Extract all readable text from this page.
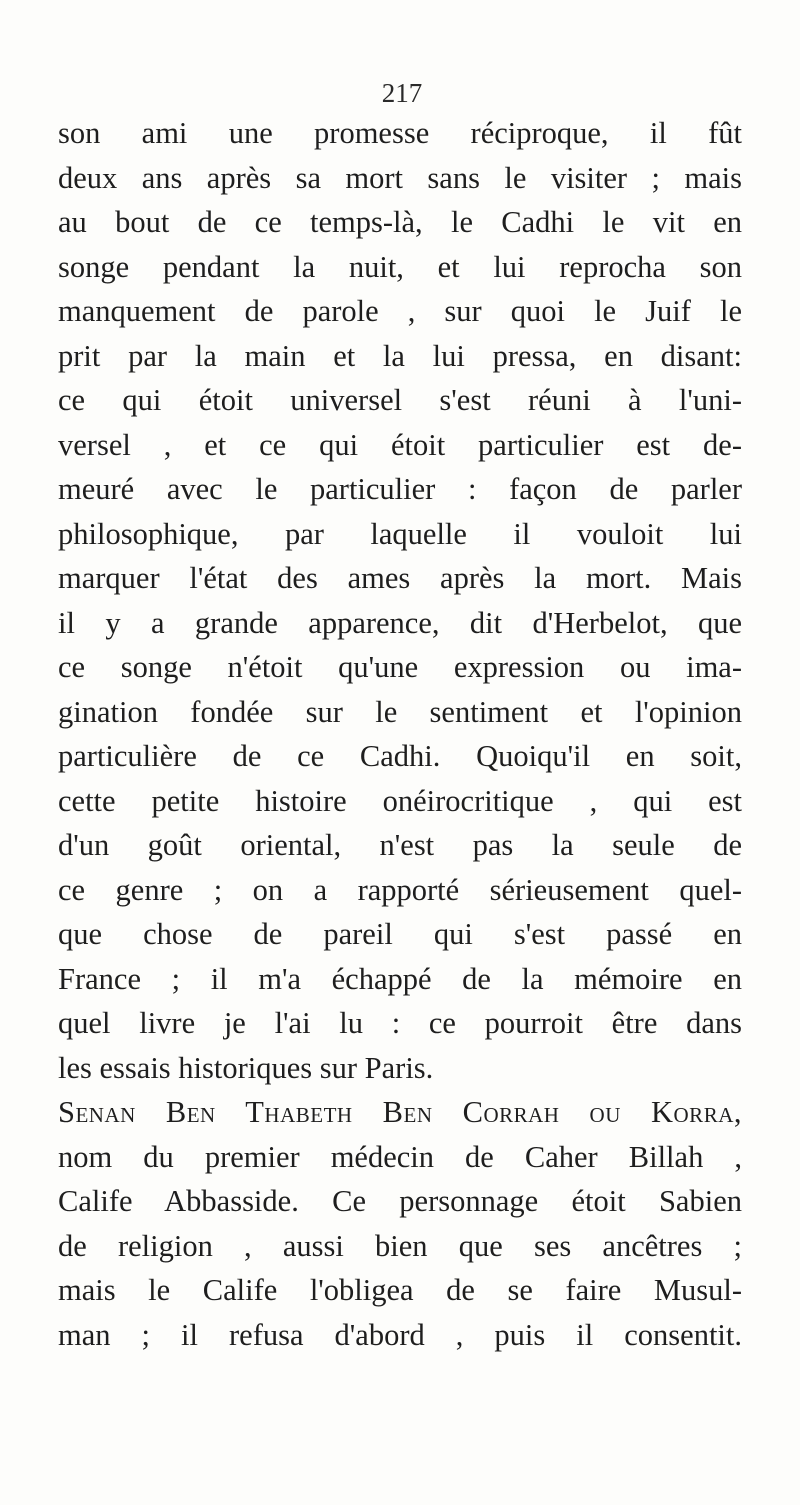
217
son ami une promesse réciproque, il fût
deux ans après sa mort sans le visiter ; mais
au bout de ce temps-là, le Cadhi le vit en
songe pendant la nuit, et lui reprocha son
manquement de parole , sur quoi le Juif le
prit par la main et la lui pressa, en disant:
ce qui étoit universel s'est réuni à l'uni-
versel , et ce qui étoit particulier est de-
meuré avec le particulier : façon de parler
philosophique, par laquelle il vouloit lui
marquer l'état des ames après la mort. Mais
il y a grande apparence, dit d'Herbelot, que
ce songe n'étoit qu'une expression ou ima-
gination fondée sur le sentiment et l'opinion
particulière de ce Cadhi. Quoiqu'il en soit,
cette petite histoire onéirocritique , qui est
d'un goût oriental, n'est pas la seule de
ce genre ; on a rapporté sérieusement quel-
que chose de pareil qui s'est passé en
France ; il m'a échappé de la mémoire en
quel livre je l'ai lu : ce pourroit être dans
les essais historiques sur Paris.
Senan Ben Thabeth Ben Corrah ou Korra,
nom du premier médecin de Caher Billah ,
Calife Abbasside. Ce personnage étoit Sabien
de religion , aussi bien que ses ancêtres ;
mais le Calife l'obligea de se faire Musul-
man ; il refusa d'abord , puis il consentit.
